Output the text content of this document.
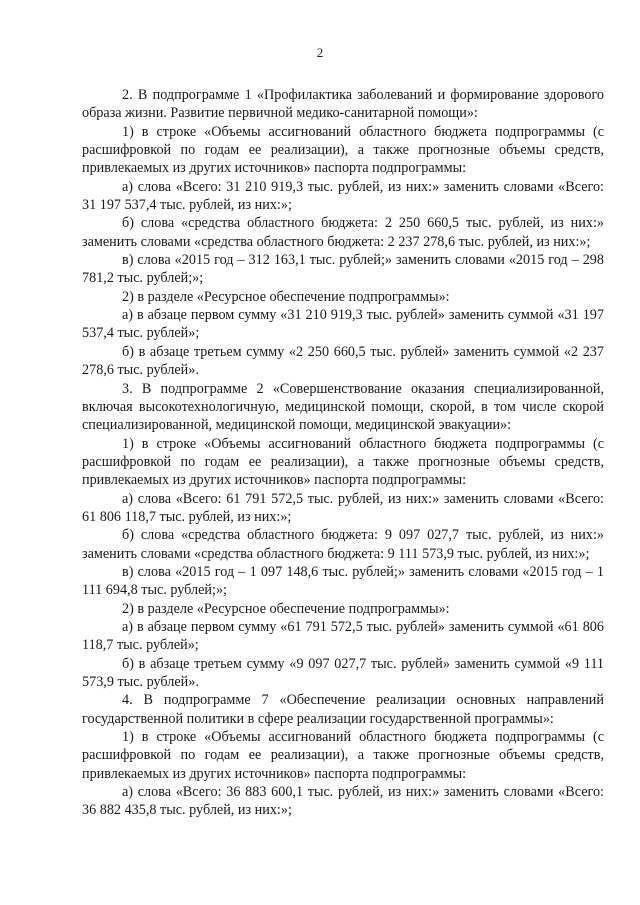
2

2. В подпрограмме 1 «Профилактика заболеваний и формирование здорового образа жизни. Развитие первичной медико-санитарной помощи»:

1) в строке «Объемы ассигнований областного бюджета подпрограммы (с расшифровкой по годам ее реализации), а также прогнозные объемы средств, привлекаемых из других источников» паспорта подпрограммы:

а) слова «Всего: 31 210 919,3 тыс. рублей, из них:» заменить словами «Всего: 31 197 537,4 тыс. рублей, из них:»;

б) слова «средства областного бюджета: 2 250 660,5 тыс. рублей, из них:» заменить словами «средства областного бюджета: 2 237 278,6 тыс. рублей, из них:»;

в) слова «2015 год – 312 163,1 тыс. рублей;» заменить словами «2015 год – 298 781,2 тыс. рублей;»;

2) в разделе «Ресурсное обеспечение подпрограммы»:

а) в абзаце первом сумму «31 210 919,3 тыс. рублей» заменить суммой «31 197 537,4 тыс. рублей»;

б) в абзаце третьем сумму «2 250 660,5 тыс. рублей» заменить суммой «2 237 278,6 тыс. рублей».

3. В подпрограмме 2 «Совершенствование оказания специализированной, включая высокотехнологичную, медицинской помощи, скорой, в том числе скорой специализированной, медицинской помощи, медицинской эвакуации»:

1) в строке «Объемы ассигнований областного бюджета подпрограммы (с расшифровкой по годам ее реализации), а также прогнозные объемы средств, привлекаемых из других источников» паспорта подпрограммы:

а) слова «Всего: 61 791 572,5 тыс. рублей, из них:» заменить словами «Всего: 61 806 118,7 тыс. рублей, из них:»;

б) слова «средства областного бюджета: 9 097 027,7 тыс. рублей, из них:» заменить словами «средства областного бюджета: 9 111 573,9 тыс. рублей, из них:»;

в) слова «2015 год – 1 097 148,6 тыс. рублей;» заменить словами «2015 год – 1 111 694,8 тыс. рублей;»;

2) в разделе «Ресурсное обеспечение подпрограммы»:

а) в абзаце первом сумму «61 791 572,5 тыс. рублей» заменить суммой «61 806 118,7 тыс. рублей»;

б) в абзаце третьем сумму «9 097 027,7 тыс. рублей» заменить суммой «9 111 573,9 тыс. рублей».

4. В подпрограмме 7 «Обеспечение реализации основных направлений государственной политики в сфере реализации государственной программы»:

1) в строке «Объемы ассигнований областного бюджета подпрограммы (с расшифровкой по годам ее реализации), а также прогнозные объемы средств, привлекаемых из других источников» паспорта подпрограммы:

а) слова «Всего: 36 883 600,1 тыс. рублей, из них:» заменить словами «Всего: 36 882 435,8 тыс. рублей, из них:»;
